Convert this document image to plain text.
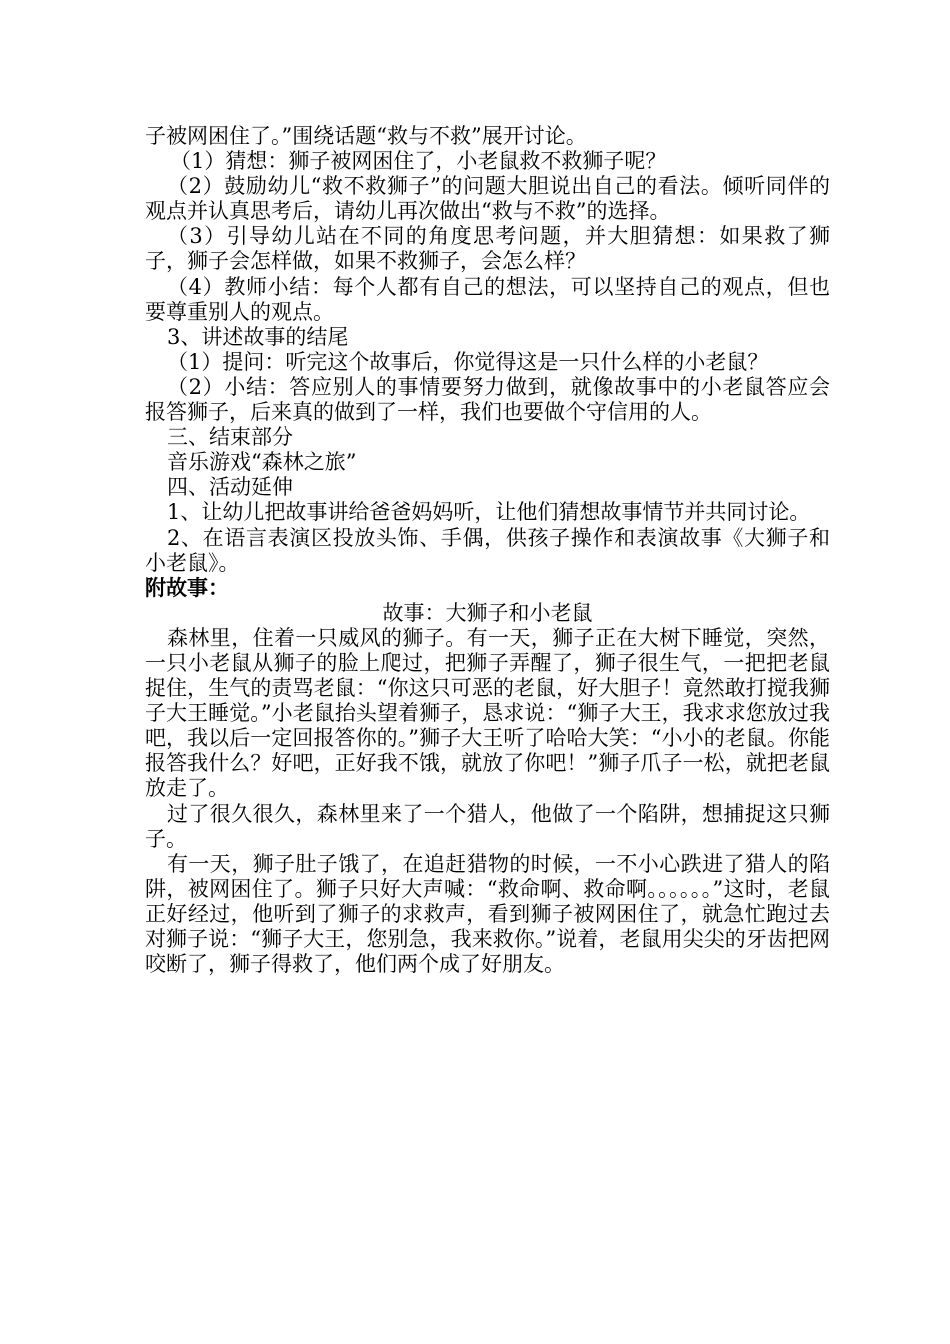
子被网困住了。”围绕话题“救与不救”展开讨论。

（1）猜想：狮子被网困住了，小老鼠救不救狮子呢？

（2）鼓励幼儿“救不救狮子”的问题大胆说出自己的看法。倾听同伴的观点并认真思考后，请幼儿再次做出“救与不救”的选择。

（3）引导幼儿站在不同的角度思考问题，并大胆猜想：如果救了狮子，狮子会怎样做，如果不救狮子，会怎么样？

（4）教师小结：每个人都有自己的想法，可以坚持自己的观点，但也要尊重别人的观点。

3、讲述故事的结尾

（1）提问：听完这个故事后，你觉得这是一只什么样的小老鼠？

（2）小结：答应别人的事情要努力做到，就像故事中的小老鼠答应会报答狮子，后来真的做到了一样，我们也要做个守信用的人。

三、结束部分

音乐游戏“森林之旅”

四、活动延伸

1、让幼儿把故事讲给爸爸妈妈听，让他们猜想故事情节并共同讨论。

2、在语言表演区投放头饰、手偶，供孩子操作和表演故事《大狮子和小老鼠》。

附故事：

故事：大狮子和小老鼠

森林里，住着一只威风的狮子。有一天，狮子正在大树下睡觉，突然，一只小老鼠从狮子的脸上爬过，把狮子弄醒了，狮子很生气，一把把老鼠捉住，生气的责骂老鼠：“你这只可恶的老鼠，好大胆子！竟然敢打搅我狮子大王睡觉。”小老鼠抬头望着狮子，恳求说：“狮子大王，我求求您放过我吧，我以后一定回报答你的。”狮子大王听了哈哈大笑：“小小的老鼠。你能报答我什么？好吧，正好我不饿，就放了你吧！”狮子爪子一松，就把老鼠放走了。

过了很久很久，森林里来了一个猎人，他做了一个陷阱，想捕捉这只狮子。

有一天，狮子肚子饿了，在追赶猎物的时候，一不小心跌进了猎人的陷阱，被网困住了。狮子只好大声喊：“救命啊、救命啊。。。。。。”这时，老鼠正好经过，他听到了狮子的求救声，看到狮子被网困住了，就急忙跑过去对狮子说：“狮子大王，您别急，我来救你。”说着，老鼠用尖尖的牙齿把网咬断了，狮子得救了，他们两个成了好朋友。
